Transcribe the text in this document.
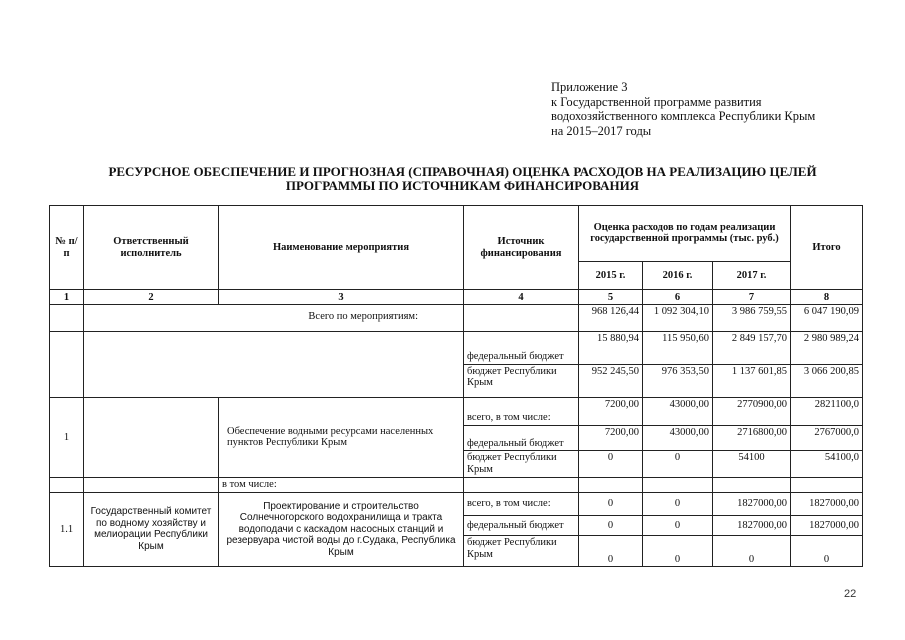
Приложение 3
к Государственной программе развития
водохозяйственного комплекса Республики Крым
на 2015–2017 годы
РЕСУРСНОЕ ОБЕСПЕЧЕНИЕ И ПРОГНОЗНАЯ (СПРАВОЧНАЯ) ОЦЕНКА РАСХОДОВ НА РЕАЛИЗАЦИЮ ЦЕЛЕЙ
ПРОГРАММЫ ПО ИСТОЧНИКАМ ФИНАНСИРОВАНИЯ
№ п/п	Ответственный исполнитель	Наименование мероприятия	Источник финансирования	Оценка расходов по годам реализации государственной программы (тыс. руб.)			Итого
				2015 г.	2016 г.	2017 г.	
1	2	3	4	5	6	7	8
	Всего по мероприятиям:			968 126,44	1 092 304,10	3 986 759,55	6 047 190,09
			федеральный бюджет	15 880,94	115 950,60	2 849 157,70	2 980 989,24
			бюджет Республики Крым	952 245,50	976 353,50	1 137 601,85	3 066 200,85
1		Обеспечение водными ресурсами населенных пунктов Республики Крым	всего, в том числе:	7200,00	43000,00	2770900,00	2821100,0
			федеральный бюджет	7200,00	43000,00	2716800,00	2767000,0
			бюджет Республики Крым	0	0	54100	54100,0
		в том числе:					
1.1	Государственный комитет по водному хозяйству и мелиорации Республики Крым	Проектирование и строительство Солнечногорского водохранилища и тракта водоподачи с каскадом насосных станций и резервуара чистой воды до г.Судака, Республика Крым	всего, в том числе:	0	0	1827000,00	1827000,00
			федеральный бюджет	0	0	1827000,00	1827000,00
			бюджет Республики Крым	0	0	0	0
22
